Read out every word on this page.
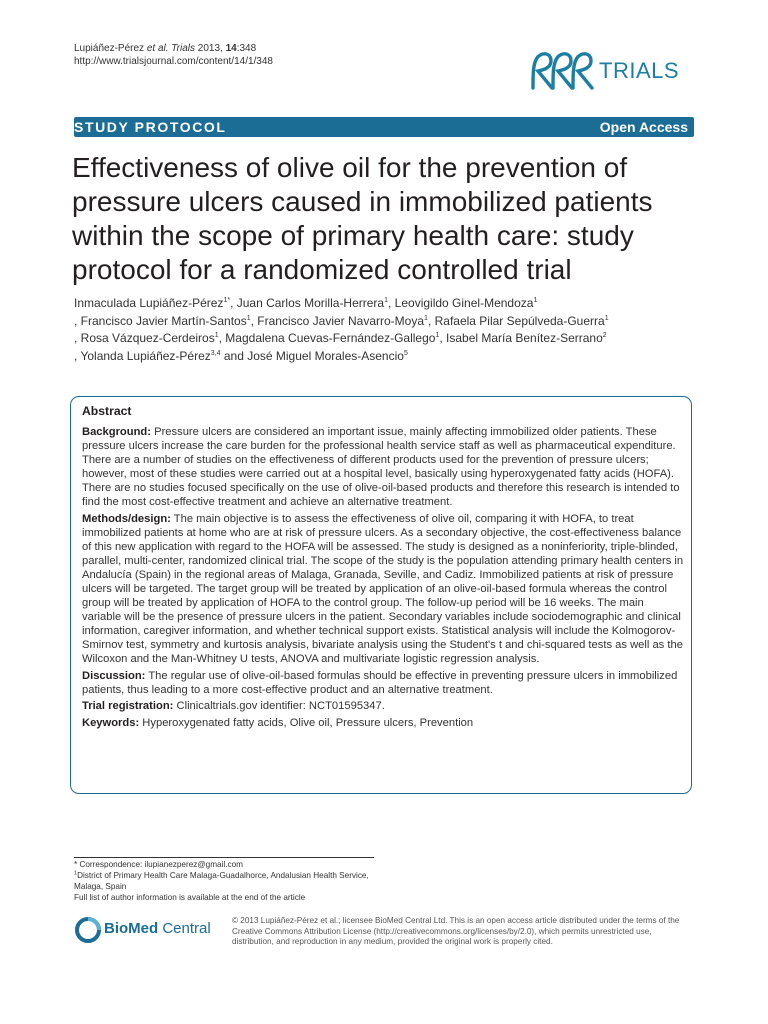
Lupiáñez-Pérez et al. Trials 2013, 14:348
http://www.trialsjournal.com/content/14/1/348	TRIALS
STUDY PROTOCOL	Open Access
Effectiveness of olive oil for the prevention of pressure ulcers caused in immobilized patients within the scope of primary health care: study protocol for a randomized controlled trial
Inmaculada Lupiáñez-Pérez$^{1*}$, Juan Carlos Morilla-Herrera$^1$, Leovigildo Ginel-Mendoza$^1$
, Francisco Javier Martín-Santos$^1$, Francisco Javier Navarro-Moya$^1$, Rafaela Pilar Sepúlveda-Guerra$^1$
, Rosa Vázquez-Cerdeiros$^1$, Magdalena Cuevas-Fernández-Gallego$^1$, Isabel María Benítez-Serrano$^2$
, Yolanda Lupiáñez-Pérez$^{3,4}$ and José Miguel Morales-Asencio$^5$
Abstract

Background: Pressure ulcers are considered an important issue, mainly affecting immobilized older patients. These pressure ulcers increase the care burden for the professional health service staff as well as pharmaceutical expenditure. There are a number of studies on the effectiveness of different products used for the prevention of pressure ulcers; however, most of these studies were carried out at a hospital level, basically using hyperoxygenated fatty acids (HOFA). There are no studies focused specifically on the use of olive-oil-based products and therefore this research is intended to find the most cost-effective treatment and achieve an alternative treatment.

Methods/design: The main objective is to assess the effectiveness of olive oil, comparing it with HOFA, to treat immobilized patients at home who are at risk of pressure ulcers. As a secondary objective, the cost-effectiveness balance of this new application with regard to the HOFA will be assessed. The study is designed as a noninferiority, triple-blinded, parallel, multi-center, randomized clinical trial. The scope of the study is the population attending primary health centers in Andalucía (Spain) in the regional areas of Malaga, Granada, Seville, and Cadiz. Immobilized patients at risk of pressure ulcers will be targeted. The target group will be treated by application of an olive-oil-based formula whereas the control group will be treated by application of HOFA to the control group. The follow-up period will be 16 weeks. The main variable will be the presence of pressure ulcers in the patient. Secondary variables include sociodemographic and clinical information, caregiver information, and whether technical support exists. Statistical analysis will include the Kolmogorov-Smirnov test, symmetry and kurtosis analysis, bivariate analysis using the Student's t and chi-squared tests as well as the Wilcoxon and the Man-Whitney U tests, ANOVA and multivariate logistic regression analysis.

Discussion: The regular use of olive-oil-based formulas should be effective in preventing pressure ulcers in immobilized patients, thus leading to a more cost-effective product and an alternative treatment.

Trial registration: Clinicaltrials.gov identifier: NCT01595347.

Keywords: Hyperoxygenated fatty acids, Olive oil, Pressure ulcers, Prevention

* Correspondence: ilupianezperez@gmail.com
$^1$District of Primary Health Care Malaga-Guadalhorce, Andalusian Health Service, Malaga, Spain
Full list of author information is available at the end of the article
BioMed Central	© 2013 Lupiáñez-Pérez et al.; licensee BioMed Central Ltd. This is an open access article distributed under the terms of the Creative Commons Attribution License (http://creativecommons.org/licenses/by/2.0), which permits unrestricted use, distribution, and reproduction in any medium, provided the original work is properly cited.
